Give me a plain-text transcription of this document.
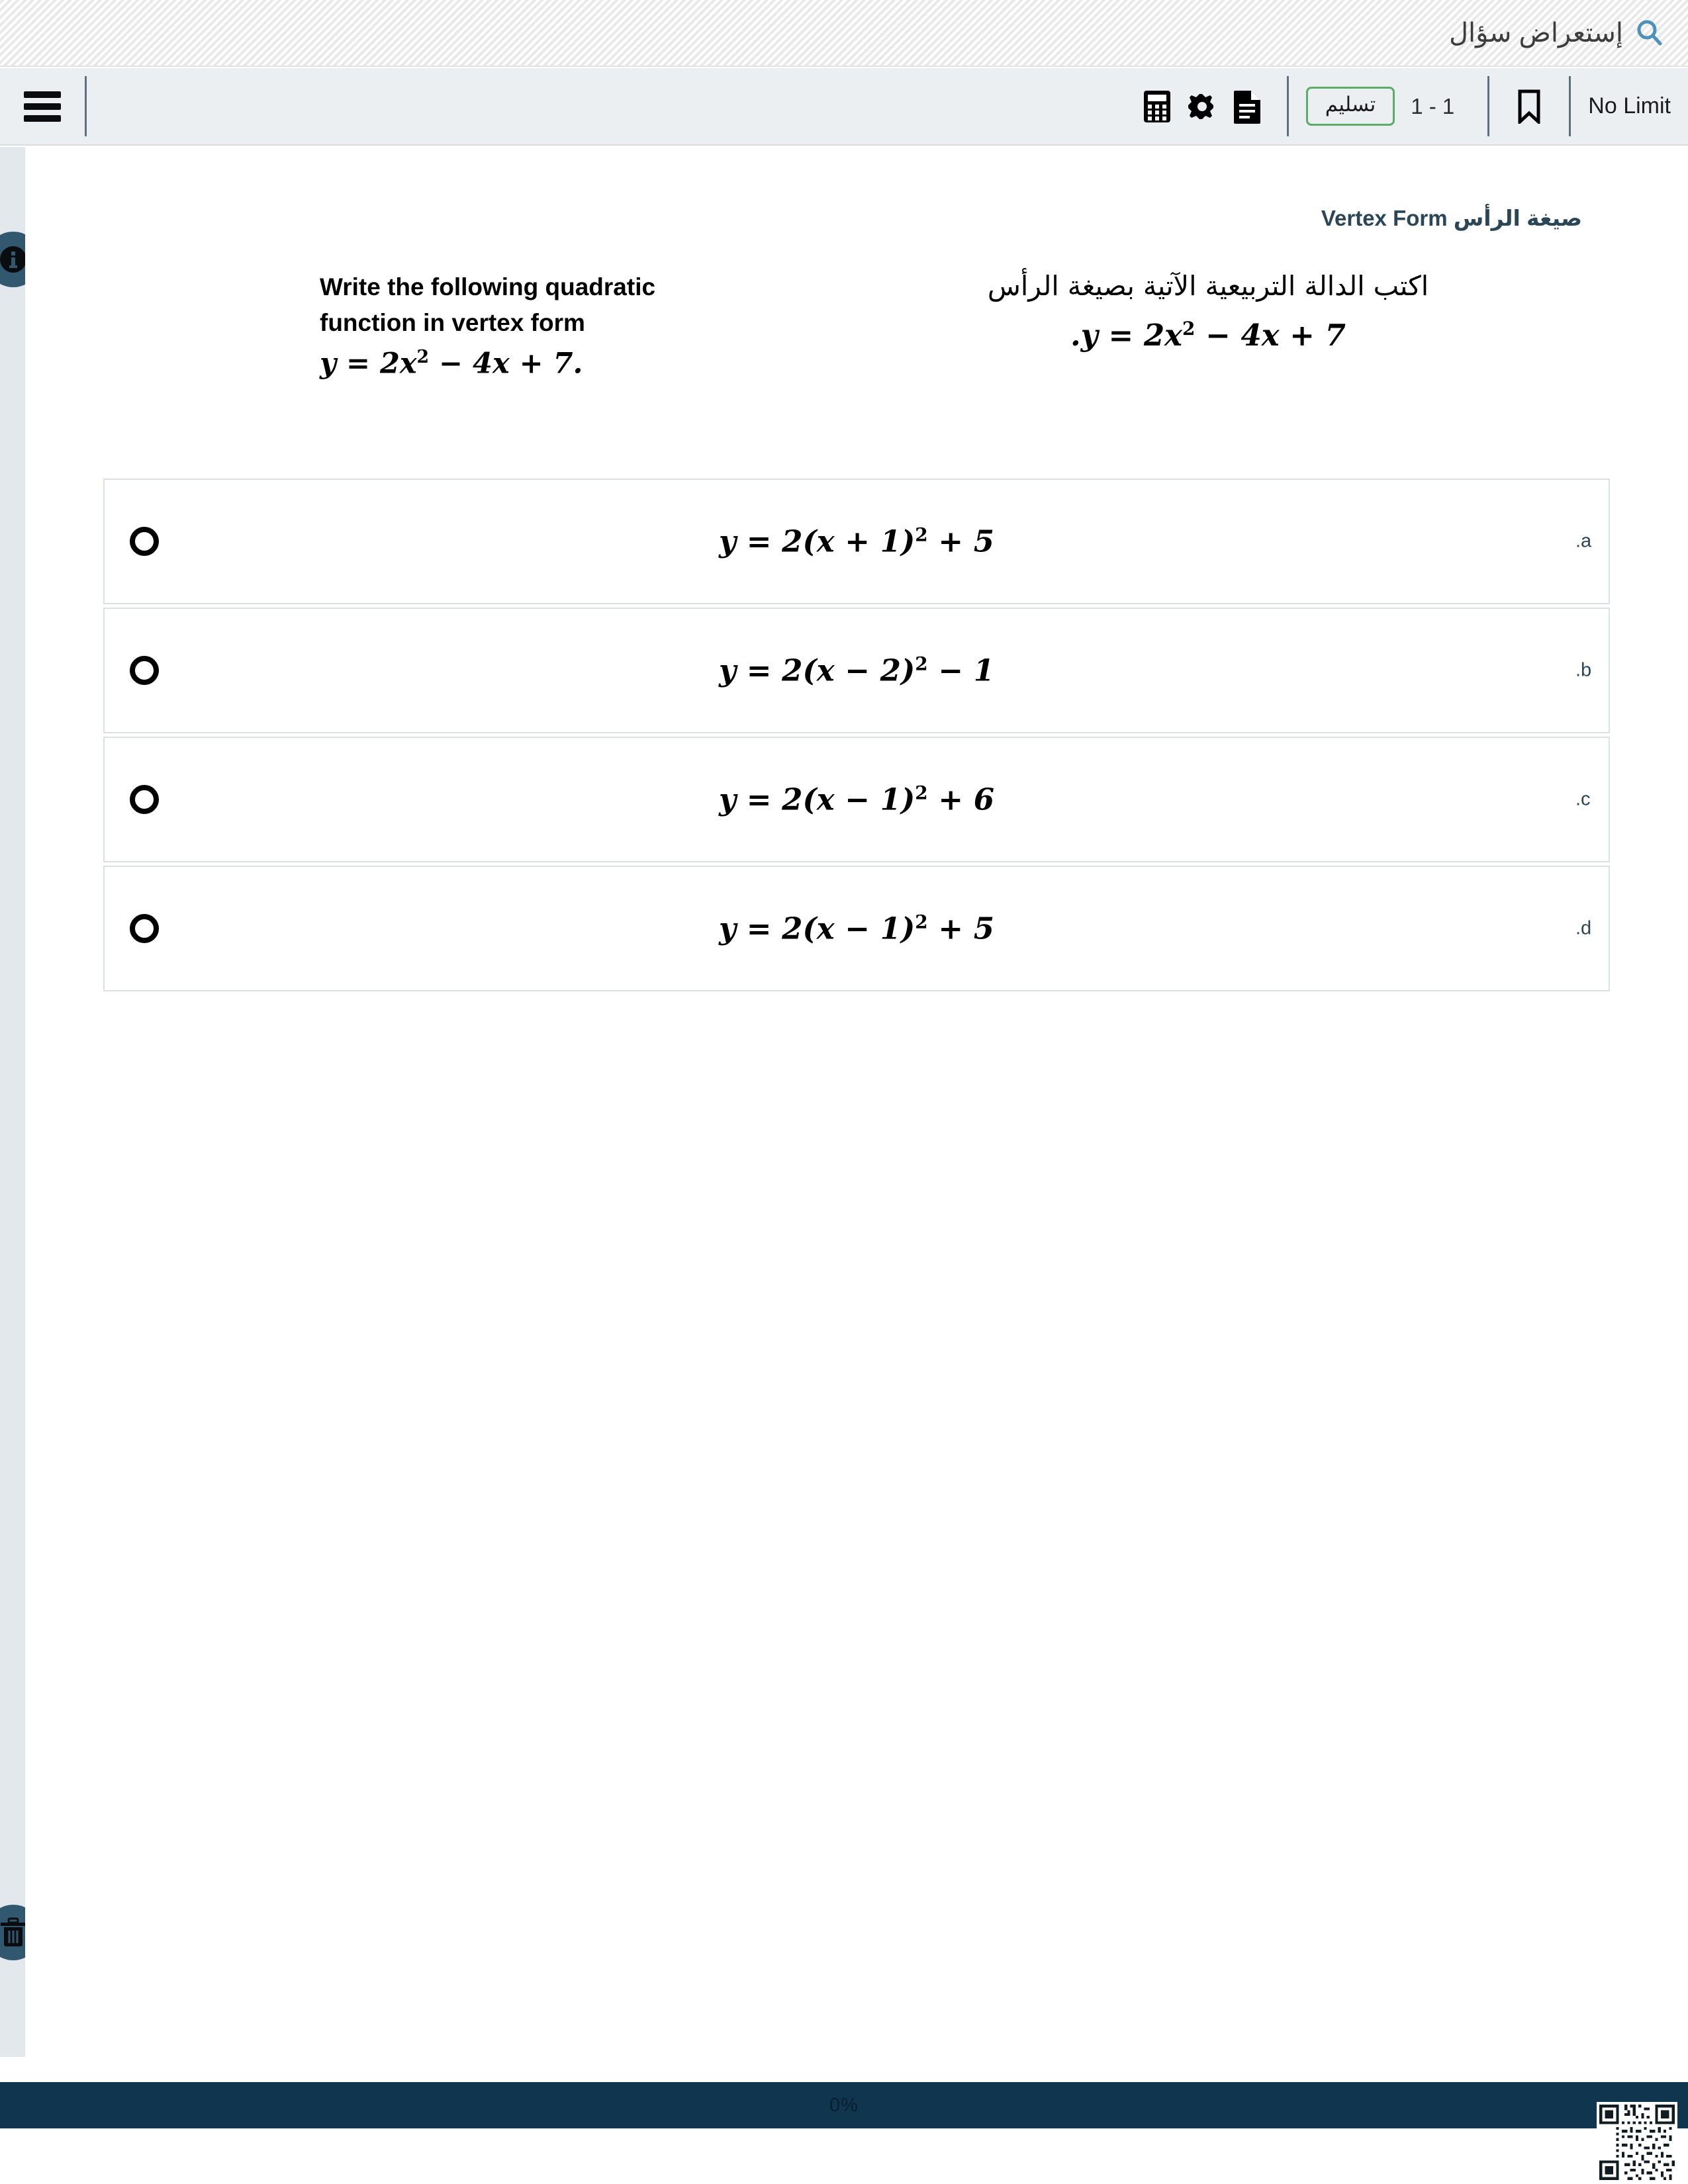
إستعراض سؤال
1 - 1
تسليم	No Limit
صيغة الرأس Vertex Form
اكتب الدالة التربيعية الآتية بصيغة الرأس
$.y = 2x^2 - 4x + 7$
Write the following quadratic
function in vertex form
$y = 2x^2 - 4x + 7$.
.a
$y = 2(x + 1)^2 + 5$
.b
$y = 2(x - 2)^2 - 1$
.c
$y = 2(x - 1)^2 + 6$
.d
$y = 2(x - 1)^2 + 5$
0%
